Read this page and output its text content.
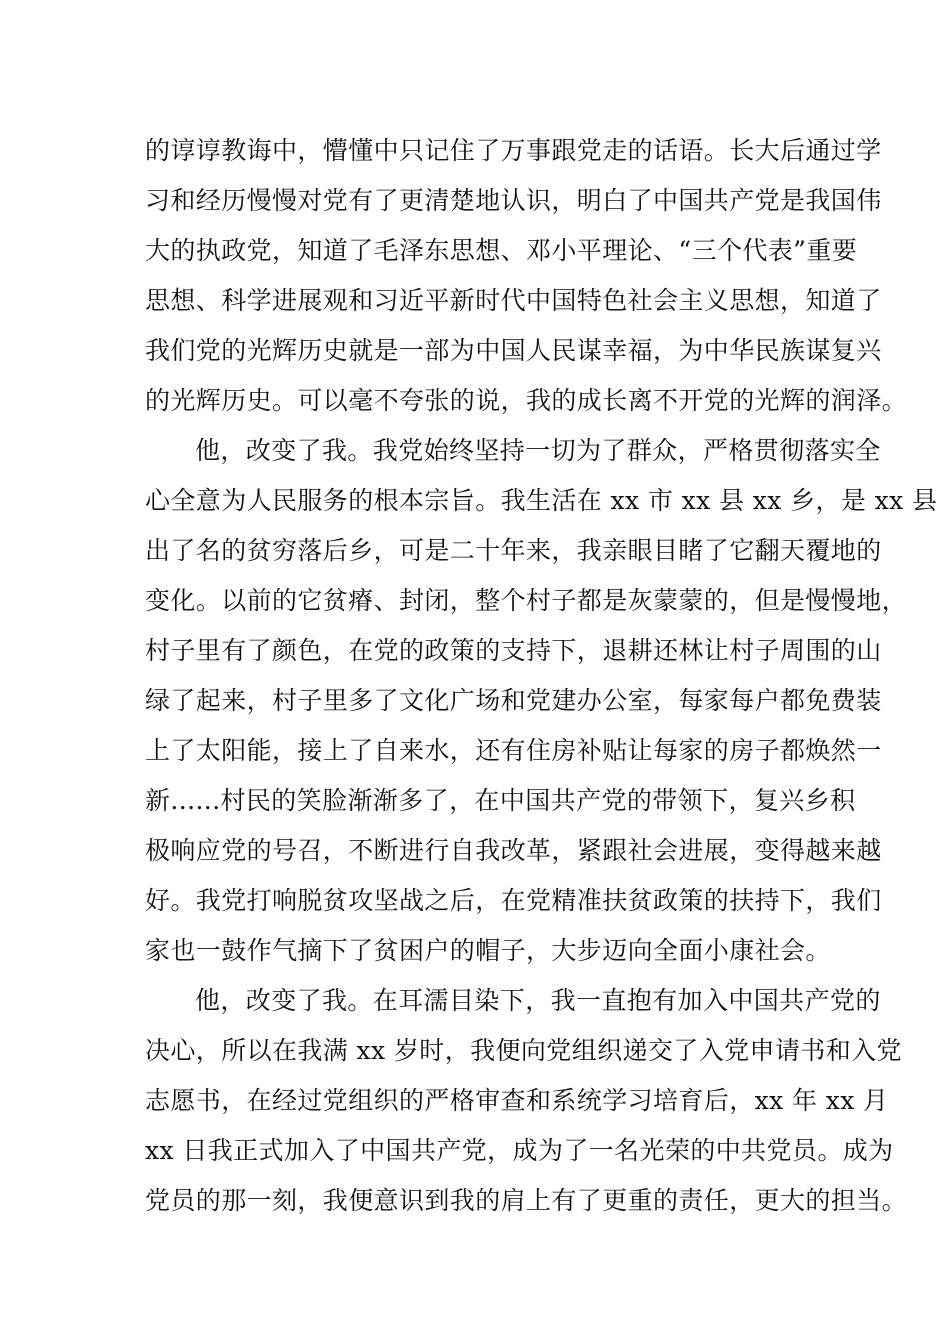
的谆谆教诲中，懵懂中只记住了万事跟党走的话语。长大后通过学
习和经历慢慢对党有了更清楚地认识，明白了中国共产党是我国伟
大的执政党，知道了毛泽东思想、邓小平理论、“三个代表”重要
思想、科学进展观和习近平新时代中国特色社会主义思想，知道了
我们党的光辉历史就是一部为中国人民谋幸福，为中华民族谋复兴
的光辉历史。可以毫不夸张的说，我的成长离不开党的光辉的润泽。
他，改变了我。我党始终坚持一切为了群众，严格贯彻落实全
心全意为人民服务的根本宗旨。我生活在 xx 市 xx 县 xx 乡，是 xx 县
出了名的贫穷落后乡，可是二十年来，我亲眼目睹了它翻天覆地的
变化。以前的它贫瘠、封闭，整个村子都是灰蒙蒙的，但是慢慢地，
村子里有了颜色，在党的政策的支持下，退耕还林让村子周围的山
绿了起来，村子里多了文化广场和党建办公室，每家每户都免费装
上了太阳能，接上了自来水，还有住房补贴让每家的房子都焕然一
新......村民的笑脸渐渐多了，在中国共产党的带领下，复兴乡积
极响应党的号召，不断进行自我改革，紧跟社会进展，变得越来越
好。我党打响脱贫攻坚战之后，在党精准扶贫政策的扶持下，我们
家也一鼓作气摘下了贫困户的帽子，大步迈向全面小康社会。
他，改变了我。在耳濡目染下，我一直抱有加入中国共产党的
决心，所以在我满 xx 岁时，我便向党组织递交了入党申请书和入党
志愿书，在经过党组织的严格审查和系统学习培育后，xx 年 xx 月
xx 日我正式加入了中国共产党，成为了一名光荣的中共党员。成为
党员的那一刻，我便意识到我的肩上有了更重的责任，更大的担当。
